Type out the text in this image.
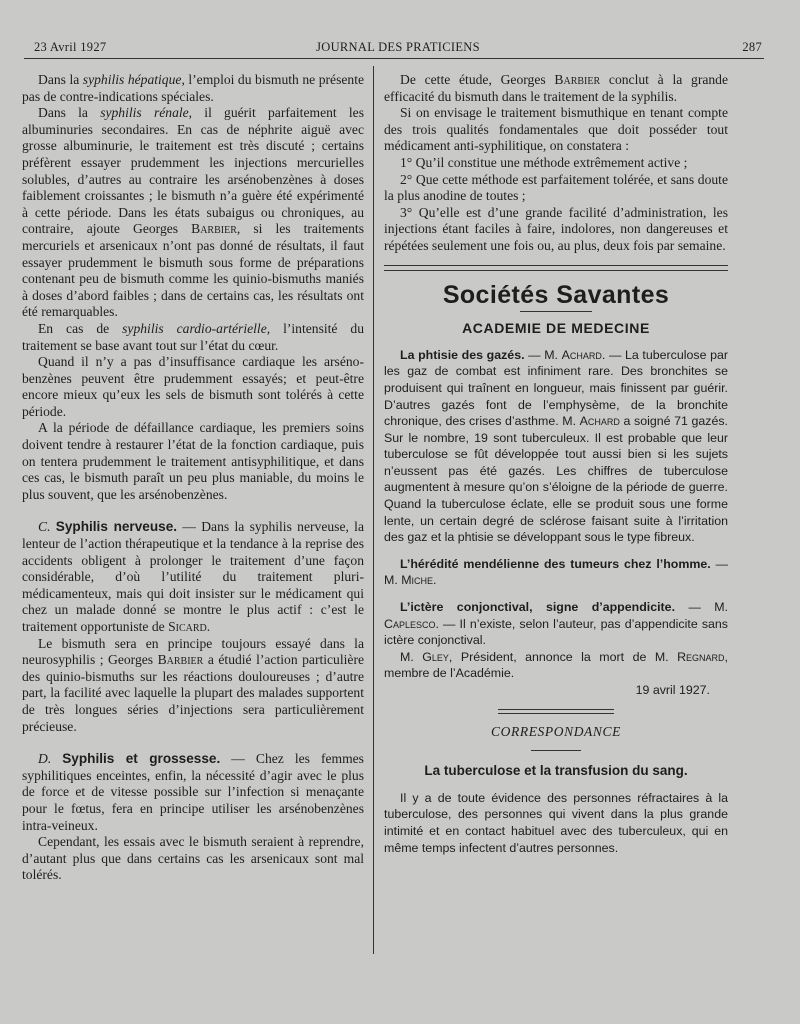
23 Avril 1927	JOURNAL DES PRATICIENS	287

Dans la syphilis hépatique, l’emploi du bismuth ne présente pas de contre-indications spéciales.

Dans la syphilis rénale, il guérit parfaitement les albuminuries secondaires. En cas de néphrite aiguë avec grosse albuminurie, le traitement est très discuté ; certains préfèrent essayer prudemment les injections mercurielles solubles, d’autres au contraire les arsénobenzènes à doses faiblement croissantes ; le bismuth n’a guère été expérimenté à cette période. Dans les états subaigus ou chroniques, au contraire, ajoute Georges Barbier, si les traitements mercuriels et arsenicaux n’ont pas donné de résultats, il faut essayer prudemment le bismuth sous forme de préparations contenant peu de bismuth comme les quinio-bismuths maniés à doses d’abord faibles ; dans de certains cas, les résultats ont été remarquables.

En cas de syphilis cardio-artérielle, l’intensité du traitement se base avant tout sur l’état du cœur.

Quand il n’y a pas d’insuffisance cardiaque les arséno-benzènes peuvent être prudemment essayés; et peut-être encore mieux qu’eux les sels de bismuth sont tolérés à cette période.

A la période de défaillance cardiaque, les premiers soins doivent tendre à restaurer l’état de la fonction cardiaque, puis on tentera prudemment le traitement antisyphilitique, et dans ces cas, le bismuth paraît un peu plus maniable, du moins le plus souvent, que les arsénobenzènes.

C. Syphilis nerveuse. — Dans la syphilis nerveuse, la lenteur de l’action thérapeutique et la tendance à la reprise des accidents obligent à prolonger le traitement d’une façon considérable, d’où l’utilité du traitement pluri-médicamenteux, mais qui doit insister sur le médicament qui chez un malade donné se montre le plus actif : c’est le traitement opportuniste de Sicard.

Le bismuth sera en principe toujours essayé dans la neurosyphilis ; Georges Barbier a étudié l’action particulière des quinio-bismuths sur les réactions douloureuses ; d’autre part, la facilité avec laquelle la plupart des malades supportent de très longues séries d’injections sera particulièrement précieuse.

D. Syphilis et grossesse. — Chez les femmes syphilitiques enceintes, enfin, la nécessité d’agir avec le plus de force et de vitesse possible sur l’infection si menaçante pour le fœtus, fera en principe utiliser les arsénobenzènes intra-veineux.

Cependant, les essais avec le bismuth seraient à reprendre, d’autant plus que dans certains cas les arsenicaux sont mal tolérés.

De cette étude, Georges Barbier conclut à la grande efficacité du bismuth dans le traitement de la syphilis.

Si on envisage le traitement bismuthique en tenant compte des trois qualités fondamentales que doit posséder tout médicament anti-syphilitique, on constatera :

1° Qu’il constitue une méthode extrêmement active ;

2° Que cette méthode est parfaitement tolérée, et sans doute la plus anodine de toutes ;

3° Qu’elle est d’une grande facilité d’administration, les injections étant faciles à faire, indolores, non dangereuses et répétées seulement une fois ou, au plus, deux fois par semaine.

Sociétés Savantes
ACADEMIE DE MEDECINE

La phtisie des gazés. — M. Achard. — La tuberculose par les gaz de combat est infiniment rare. Des bronchites se produisent qui traînent en longueur, mais finissent par guérir. D’autres gazés font de l’emphysème, de la bronchite chronique, des crises d’asthme. M. Achard a soigné 71 gazés. Sur le nombre, 19 sont tuberculeux. Il est probable que leur tuberculose se fût développée tout aussi bien si les sujets n’eussent pas été gazés. Les chiffres de tuberculose augmentent à mesure qu’on s’éloigne de la période de guerre. Quand la tuberculose éclate, elle se produit sous une forme lente, un certain degré de sclérose faisant suite à l’irritation des gaz et la phtisie se développant sous le type fibreux.

L’hérédité mendélienne des tumeurs chez l’homme. — M. Miche.

L’ictère conjonctival, signe d’appendicite. — M. Caplesco. — Il n’existe, selon l’auteur, pas d’appendicite sans ictère conjonctival.

M. Gley, Président, annonce la mort de M. Regnard, membre de l’Académie.

19 avril 1927.
CORRESPONDANCE
La tuberculose et la transfusion du sang.

Il y a de toute évidence des personnes réfractaires à la tuberculose, des personnes qui vivent dans la plus grande intimité et en contact habituel avec des tuberculeux, qui en même temps infectent d’autres personnes.
